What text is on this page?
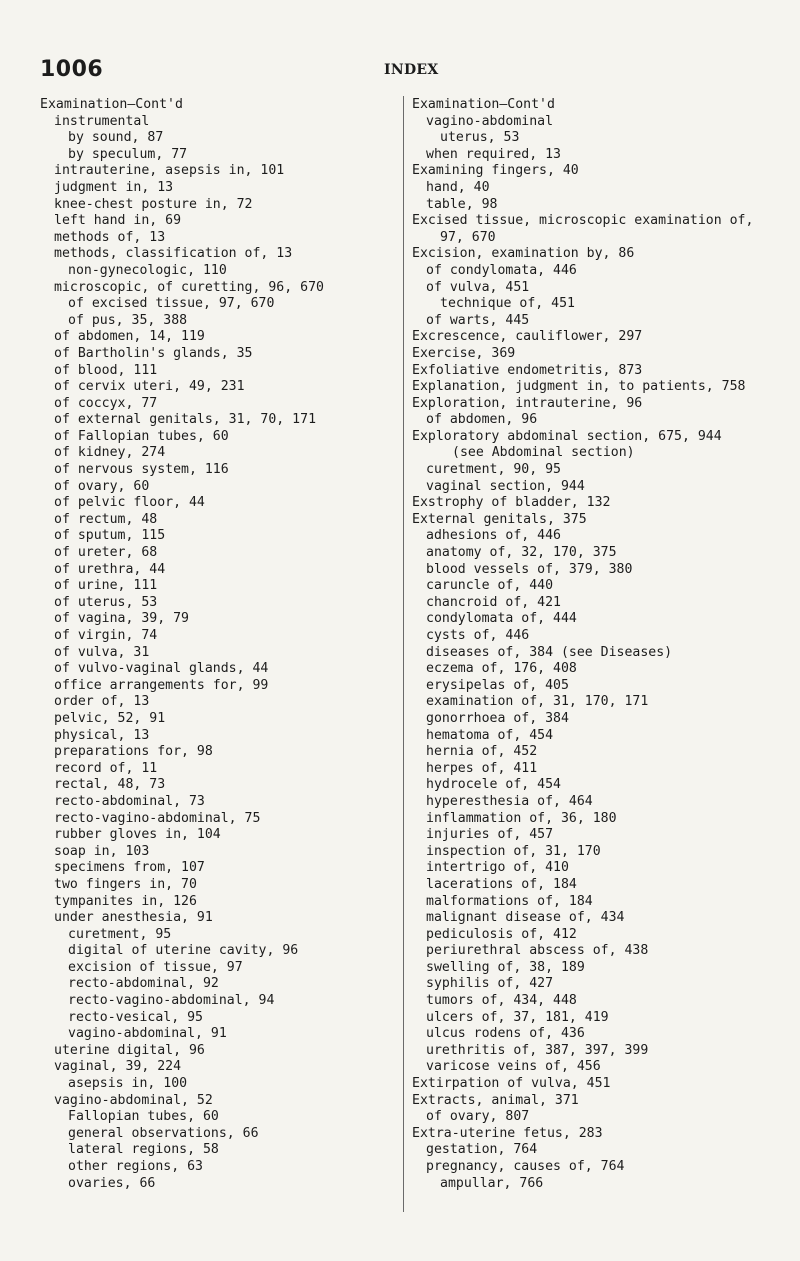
1006	INDEX
Examination—Cont'd
instrumental
by sound, 87
by speculum, 77
intrauterine, asepsis in, 101
judgment in, 13
knee-chest posture in, 72
left hand in, 69
methods of, 13
methods, classification of, 13
non-gynecologic, 110
microscopic, of curetting, 96, 670
of excised tissue, 97, 670
of pus, 35, 388
of abdomen, 14, 119
of Bartholin's glands, 35
of blood, 111
of cervix uteri, 49, 231
of coccyx, 77
of external genitals, 31, 70, 171
of Fallopian tubes, 60
of kidney, 274
of nervous system, 116
of ovary, 60
of pelvic floor, 44
of rectum, 48
of sputum, 115
of ureter, 68
of urethra, 44
of urine, 111
of uterus, 53
of vagina, 39, 79
of virgin, 74
of vulva, 31
of vulvo-vaginal glands, 44
office arrangements for, 99
order of, 13
pelvic, 52, 91
physical, 13
preparations for, 98
record of, 11
rectal, 48, 73
recto-abdominal, 73
recto-vagino-abdominal, 75
rubber gloves in, 104
soap in, 103
specimens from, 107
two fingers in, 70
tympanites in, 126
under anesthesia, 91
curetment, 95
digital of uterine cavity, 96
excision of tissue, 97
recto-abdominal, 92
recto-vagino-abdominal, 94
recto-vesical, 95
vagino-abdominal, 91
uterine digital, 96
vaginal, 39, 224
asepsis in, 100
vagino-abdominal, 52
Fallopian tubes, 60
general observations, 66
lateral regions, 58
other regions, 63
ovaries, 66
Examination—Cont'd
vagino-abdominal
uterus, 53
when required, 13
Examining fingers, 40
hand, 40
table, 98
Excised tissue, microscopic examination of,
97, 670
Excision, examination by, 86
of condylomata, 446
of vulva, 451
technique of, 451
of warts, 445
Excrescence, cauliflower, 297
Exercise, 369
Exfoliative endometritis, 873
Explanation, judgment in, to patients, 758
Exploration, intrauterine, 96
of abdomen, 96
Exploratory abdominal section, 675, 944
(see Abdominal section)
curetment, 90, 95
vaginal section, 944
Exstrophy of bladder, 132
External genitals, 375
adhesions of, 446
anatomy of, 32, 170, 375
blood vessels of, 379, 380
caruncle of, 440
chancroid of, 421
condylomata of, 444
cysts of, 446
diseases of, 384 (see Diseases)
eczema of, 176, 408
erysipelas of, 405
examination of, 31, 170, 171
gonorrhoea of, 384
hematoma of, 454
hernia of, 452
herpes of, 411
hydrocele of, 454
hyperesthesia of, 464
inflammation of, 36, 180
injuries of, 457
inspection of, 31, 170
intertrigo of, 410
lacerations of, 184
malformations of, 184
malignant disease of, 434
pediculosis of, 412
periurethral abscess of, 438
swelling of, 38, 189
syphilis of, 427
tumors of, 434, 448
ulcers of, 37, 181, 419
ulcus rodens of, 436
urethritis of, 387, 397, 399
varicose veins of, 456
Extirpation of vulva, 451
Extracts, animal, 371
of ovary, 807
Extra-uterine fetus, 283
gestation, 764
pregnancy, causes of, 764
ampullar, 766
